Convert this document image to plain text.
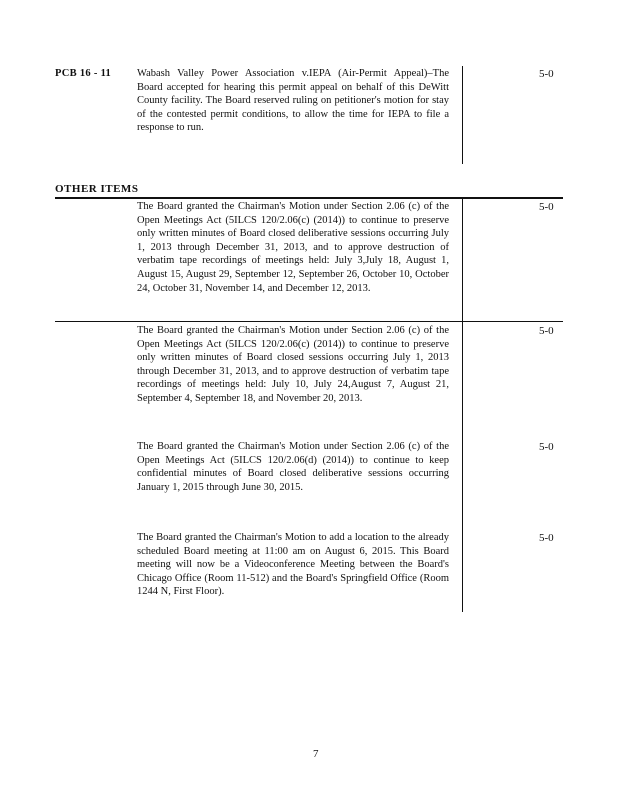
PCB 16 - 11 Wabash Valley Power Association v.IEPA (Air-Permit Appeal)–The Board accepted for hearing this permit appeal on behalf of this DeWitt County facility. The Board reserved ruling on petitioner's motion for stay of the contested permit conditions, to allow the time for IEPA to file a response to run.
5-0
OTHER ITEMS
The Board granted the Chairman's Motion under Section 2.06 (c) of the Open Meetings Act (5ILCS 120/2.06(c) (2014)) to continue to preserve only written minutes of Board closed deliberative sessions occurring July 1, 2013 through December 31, 2013, and to approve destruction of verbatim tape recordings of meetings held: July 3,July 18, August 1, August 15, August 29, September 12, September 26, October 10, October 24, October 31, November 14, and December 12, 2013.
5-0
The Board granted the Chairman's Motion under Section 2.06 (c) of the Open Meetings Act (5ILCS 120/2.06(c) (2014)) to continue to preserve only written minutes of Board closed sessions occurring July 1, 2013 through December 31, 2013, and to approve destruction of verbatim tape recordings of meetings held: July 10, July 24,August 7, August 21, September 4, September 18, and November 20, 2013.
5-0
The Board granted the Chairman's Motion under Section 2.06 (c) of the Open Meetings Act (5ILCS 120/2.06(d) (2014)) to continue to keep confidential minutes of Board closed deliberative sessions occurring January 1, 2015 through June 30, 2015.
5-0
The Board granted the Chairman's Motion to add a location to the already scheduled Board meeting at 11:00 am on August 6, 2015. This Board meeting will now be a Videoconference Meeting between the Board's Chicago Office (Room 11-512) and the Board's Springfield Office (Room 1244 N, First Floor).
5-0
7
